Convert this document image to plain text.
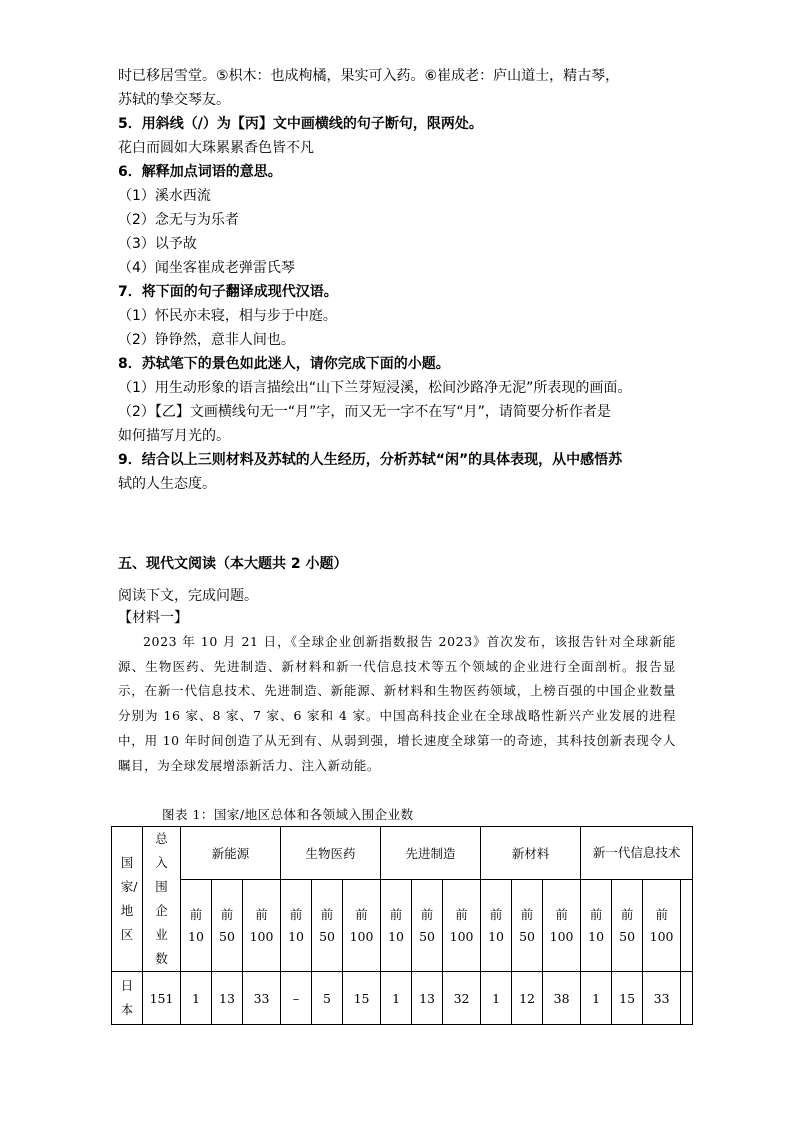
时已移居雪堂。⑤枳木：也成枸橘，果实可入药。⑥崔成老：庐山道士，精古琴，
苏轼的挚交琴友。
5．用斜线（/）为【丙】文中画横线的句子断句，限两处。
花白而圆如大珠累累香色皆不凡
6．解释加点词语的意思。
（1）溪水西流
（2）念无与为乐者
（3）以予故
（4）闻坐客崔成老弹雷氏琴
7．将下面的句子翻译成现代汉语。
（1）怀民亦未寝，相与步于中庭。
（2）铮铮然，意非人间也。
8．苏轼笔下的景色如此迷人，请你完成下面的小题。
（1）用生动形象的语言描绘出“山下兰芽短浸溪，松间沙路净无泥”所表现的画面。
（2）【乙】文画横线句无一“月”字，而又无一字不在写“月”，请简要分析作者是
如何描写月光的。
9．结合以上三则材料及苏轼的人生经历，分析苏轼“闲”的具体表现，从中感悟苏
轼的人生态度。
五、现代文阅读（本大题共 2 小题）
阅读下文，完成问题。
【材料一】
2023 年 10 月 21 日，《全球企业创新指数报告 2023》首次发布，该报告针对全球新能源、生物医药、先进制造、新材料和新一代信息技术等五个领域的企业进行全面剖析。报告显示，在新一代信息技术、先进制造、新能源、新材料和生物医药领域，上榜百强的中国企业数量分别为 16 家、8 家、7 家、6 家和 4 家。中国高科技企业在全球战略性新兴产业发展的进程中，用 10 年时间创造了从无到有、从弱到强，增长速度全球第一的奇迹，其科技创新表现令人瞩目，为全球发展增添新活力、注入新动能。
图表 1：国家/地区总体和各领域入围企业数
国家/地区	总入围企业数	新能源			生物医药			先进制造			新材料			新一代信息技术			
		前 10	前 50	前 100	前 10	前 50	前 100	前 10	前 50	前 100	前 10	前 50	前 100	前 10	前 50	前 100	
日本	151	1	13	33	–	5	15	1	13	32	1	12	38	1	15	33	
